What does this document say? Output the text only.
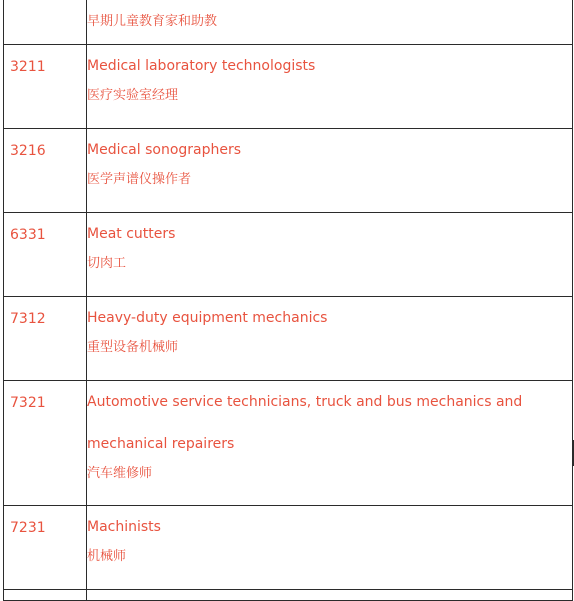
	早期儿童教育家和助教

3211	Medical laboratory technologists
医疗实验室经理

3216	Medical sonographers
医学声谱仪操作者

6331	Meat cutters
切肉工

7312	Heavy-duty equipment mechanics
重型设备机械师

7321	Automotive service technicians, truck and bus mechanics and mechanical repairers
汽车维修师

7231	Machinists
机械师
